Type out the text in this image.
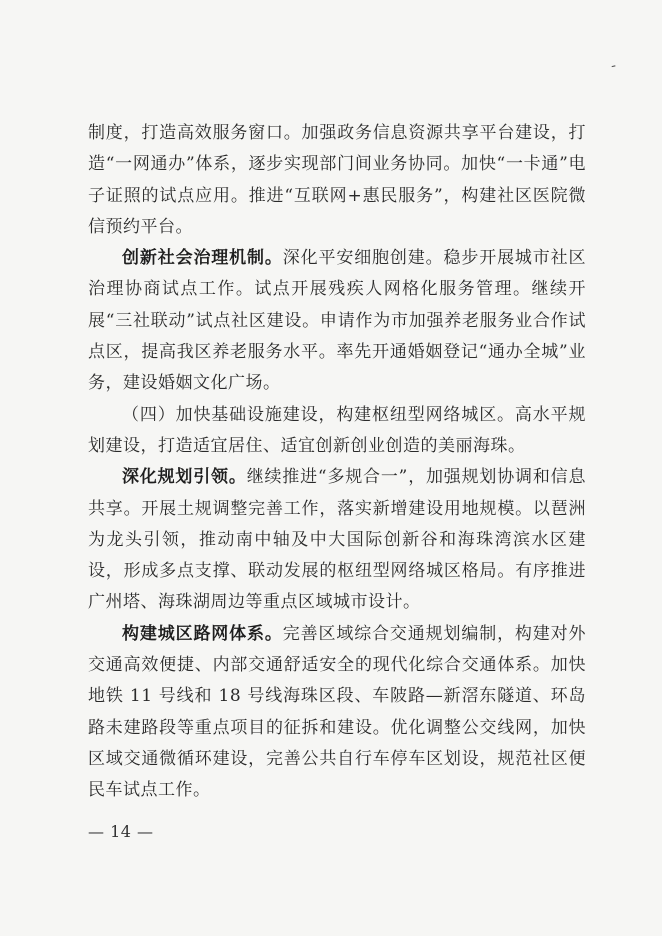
-

制度，打造高效服务窗口。加强政务信息资源共享平台建设，打造“一网通办”体系，逐步实现部门间业务协同。加快“一卡通”电子证照的试点应用。推进“互联网+惠民服务”，构建社区医院微信预约平台。

创新社会治理机制。深化平安细胞创建。稳步开展城市社区治理协商试点工作。试点开展残疾人网格化服务管理。继续开展“三社联动”试点社区建设。申请作为市加强养老服务业合作试点区，提高我区养老服务水平。率先开通婚姻登记“通办全城”业务，建设婚姻文化广场。

（四）加快基础设施建设，构建枢纽型网络城区。高水平规划建设，打造适宜居住、适宜创新创业创造的美丽海珠。

深化规划引领。继续推进“多规合一”，加强规划协调和信息共享。开展土规调整完善工作，落实新增建设用地规模。以琶洲为龙头引领，推动南中轴及中大国际创新谷和海珠湾滨水区建设，形成多点支撑、联动发展的枢纽型网络城区格局。有序推进广州塔、海珠湖周边等重点区域城市设计。

构建城区路网体系。完善区域综合交通规划编制，构建对外交通高效便捷、内部交通舒适安全的现代化综合交通体系。加快地铁 11 号线和 18 号线海珠区段、车陂路—新滘东隧道、环岛路未建路段等重点项目的征拆和建设。优化调整公交线网，加快区域交通微循环建设，完善公共自行车停车区划设，规范社区便民车试点工作。

— 14 —
